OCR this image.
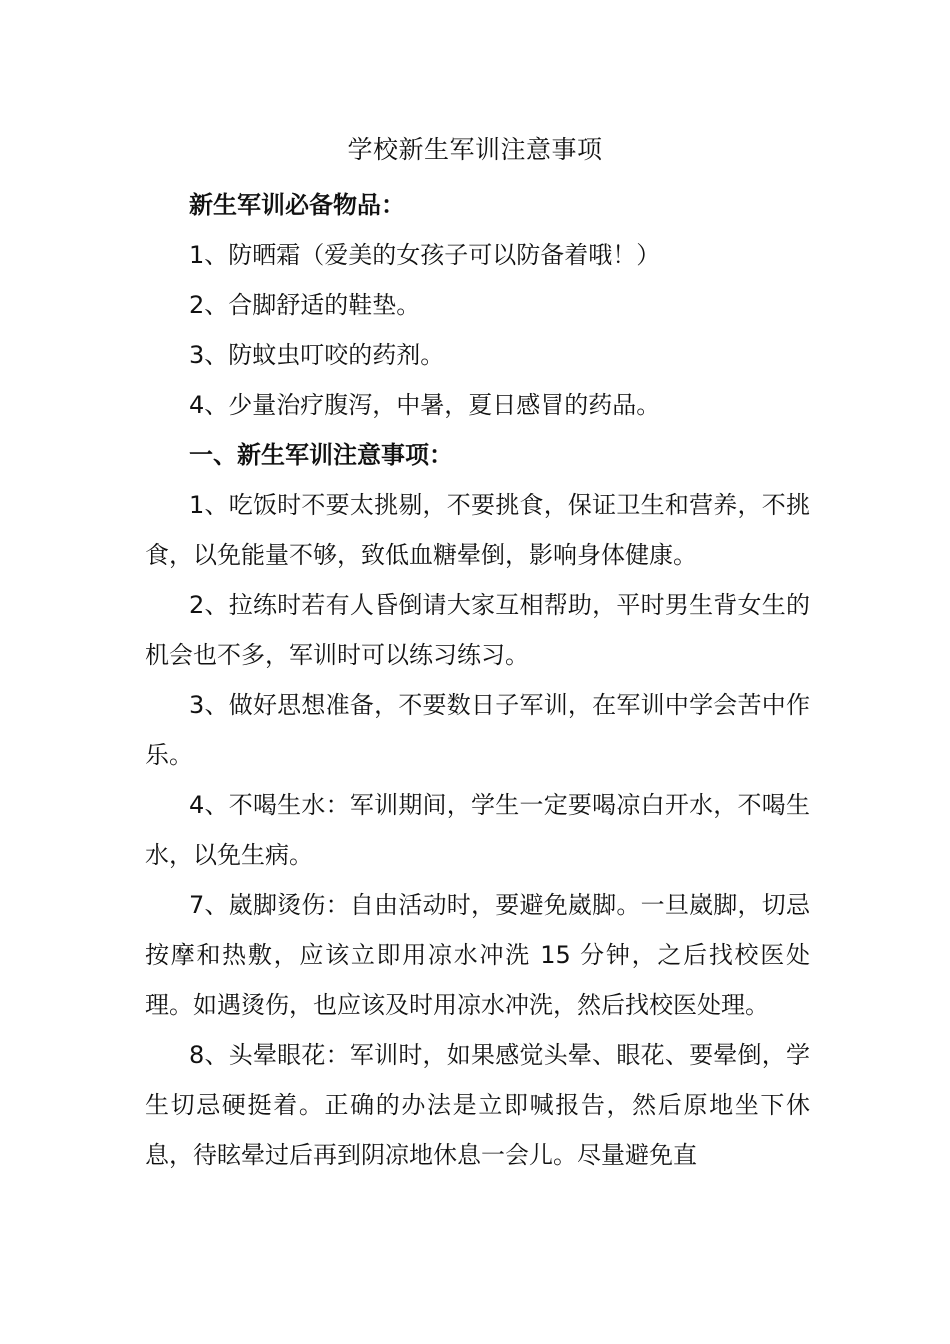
学校新生军训注意事项

新生军训必备物品：

1、防晒霜（爱美的女孩子可以防备着哦！）

2、合脚舒适的鞋垫。

3、防蚊虫叮咬的药剂。

4、少量治疗腹泻，中暑，夏日感冒的药品。

一、新生军训注意事项：

1、吃饭时不要太挑剔，不要挑食，保证卫生和营养，不挑食，以免能量不够，致低血糖晕倒，影响身体健康。

2、拉练时若有人昏倒请大家互相帮助，平时男生背女生的机会也不多，军训时可以练习练习。

3、做好思想准备，不要数日子军训，在军训中学会苦中作乐。

4、不喝生水：军训期间，学生一定要喝凉白开水，不喝生水，以免生病。

7、崴脚烫伤：自由活动时，要避免崴脚。一旦崴脚，切忌按摩和热敷，应该立即用凉水冲洗 15 分钟，之后找校医处理。如遇烫伤，也应该及时用凉水冲洗，然后找校医处理。

8、头晕眼花：军训时，如果感觉头晕、眼花、要晕倒，学生切忌硬挺着。正确的办法是立即喊报告，然后原地坐下休息，待眩晕过后再到阴凉地休息一会儿。尽量避免直
